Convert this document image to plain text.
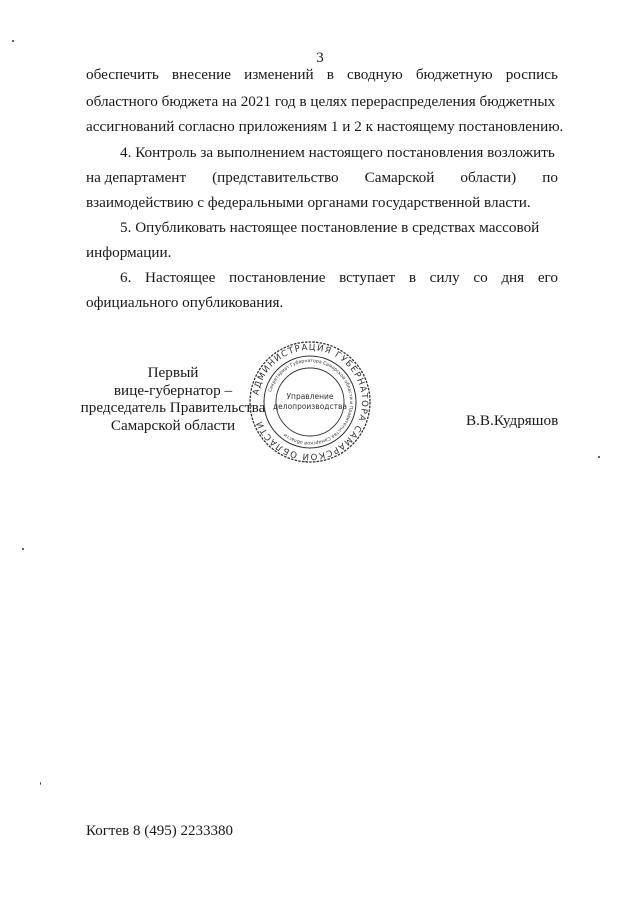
3
обеспечить внесение изменений в сводную бюджетную роспись
областного бюджета на 2021 год в целях перераспределения бюджетных
ассигнований согласно приложениям 1 и 2 к настоящему постановлению.
4. Контроль за выполнением настоящего постановления возложить
на департамент (представительство Самарской области) по
взаимодействию с федеральными органами государственной власти.
5. Опубликовать настоящее постановление в средствах массовой
информации.
6. Настоящее постановление вступает в силу со дня его
официального опубликования.
Первый
вице-губернатор –
председатель Правительства
Самарской области
АДМИНИСТРАЦИЯ ГУБЕРНАТОРА САМАРСКОЙ ОБЛАСТИ
Секретариат Губернатора Самарской области и Правительства Самарской области
Управление
делопроизводства
В.В.Кудряшов
Когтев 8 (495) 2233380
